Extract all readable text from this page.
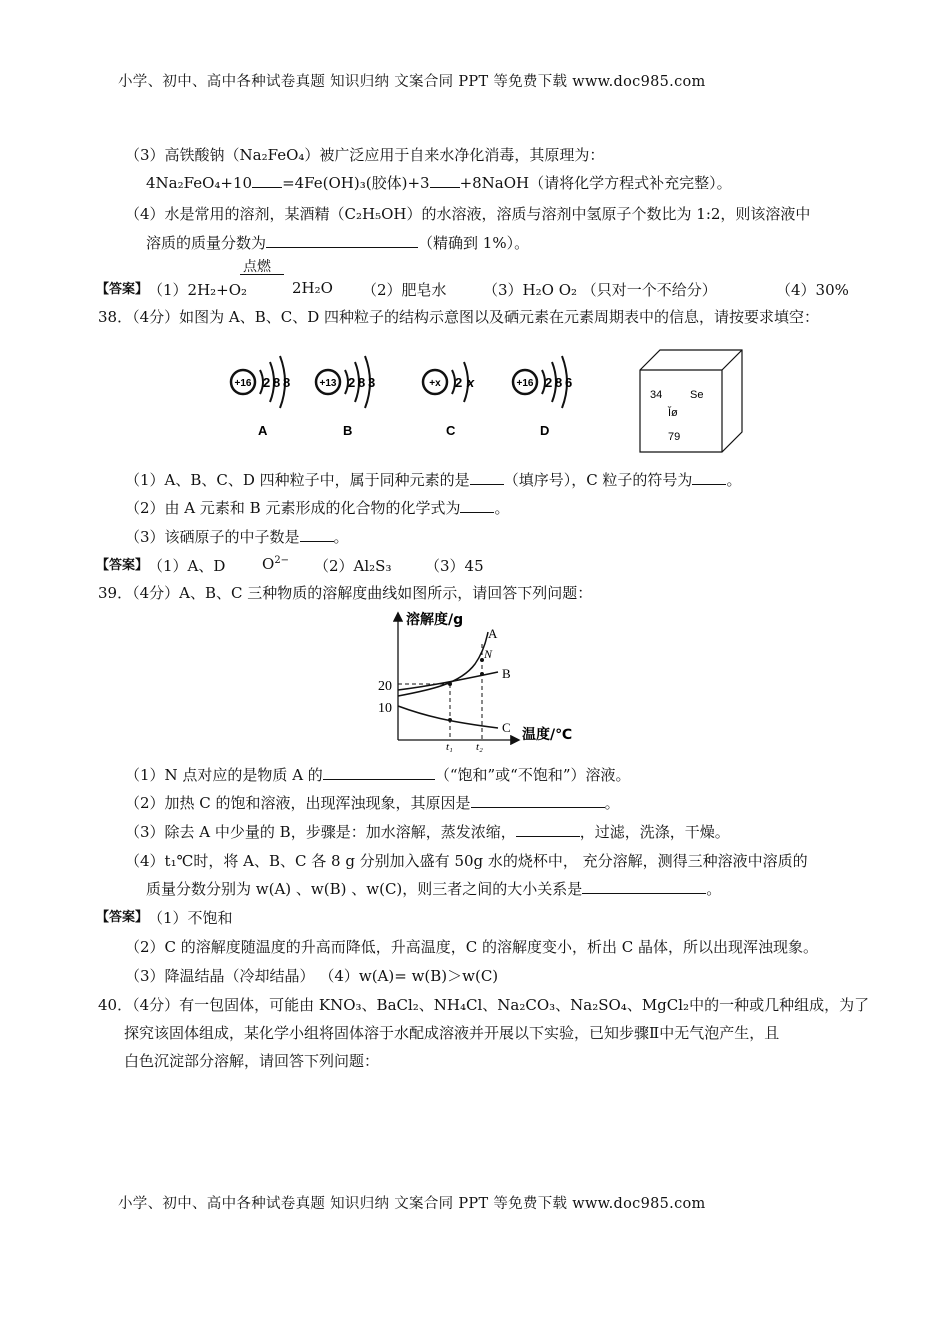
小学、初中、高中各种试卷真题 知识归纳 文案合同 PPT 等免费下载 www.doc985.com
（3）高铁酸钠（Na₂FeO₄）被广泛应用于自来水净化消毒，其原理为：
4Na₂FeO₄+10 =4Fe(OH)₃(胶体)+3 +8NaOH（请将化学方程式补充完整）。
（4）水是常用的溶剂，某酒精（C₂H₅OH）的水溶液，溶质与溶剂中氢原子个数比为 1:2，则该溶液中
溶质的质量分数为	（精确到 1%）。
点燃
【答案】 （1）2H₂+O₂	2H₂O （2）肥皂水 （3）H₂O O₂ （只对一个不给分）	（4）30%
38．（4分）如图为 A、B、C、D 四种粒子的结构示意图以及硒元素在元素周期表中的信息，请按要求填空：
+16 2 8 8
A
+13 2 8 3
B
+x 2 x
C
+16 2 8 6
D
34	Se
Ĭø
79
（1）A、B、C、D 四种粒子中，属于同种元素的是 （填序号），C 粒子的符号为 。
（2）由 A 元素和 B 元素形成的化合物的化学式为 。
（3）该硒原子的中子数是 。
【答案】 （1）A、D $O^{2-}$ （2）Al₂S₃ （3）45
39．（4分）A、B、C 三种物质的溶解度曲线如图所示，请回答下列问题：
溶解度/g
温度/℃
20
10
t₁ t₂
A
B
C
N
（1）N 点对应的是物质 A 的	（“饱和”或“不饱和”）溶液。
（2）加热 C 的饱和溶液，出现浑浊现象，其原因是	。
（3）除去 A 中少量的 B，步骤是：加水溶解，蒸发浓缩，	，过滤，洗涤，干燥。
（4）t₁℃时，将 A、B、C 各 8 g 分别加入盛有 50g 水的烧杯中， 充分溶解，测得三种溶液中溶质的
质量分数分别为 w(A) 、w(B) 、w(C)，则三者之间的大小关系是	。
【答案】 （1）不饱和
（2）C 的溶解度随温度的升高而降低，升高温度，C 的溶解度变小，析出 C 晶体，所以出现浑浊现象。
（3）降温结晶（冷却结晶） （4）w(A)= w(B)＞w(C)
40．（4分）有一包固体，可能由 KNO₃、BaCl₂、NH₄Cl、Na₂CO₃、Na₂SO₄、MgCl₂中的一种或几种组成，为了
探究该固体组成，某化学小组将固体溶于水配成溶液并开展以下实验，已知步骤Ⅱ中无气泡产生，且
白色沉淀部分溶解，请回答下列问题：
小学、初中、高中各种试卷真题 知识归纳 文案合同 PPT 等免费下载 www.doc985.com
